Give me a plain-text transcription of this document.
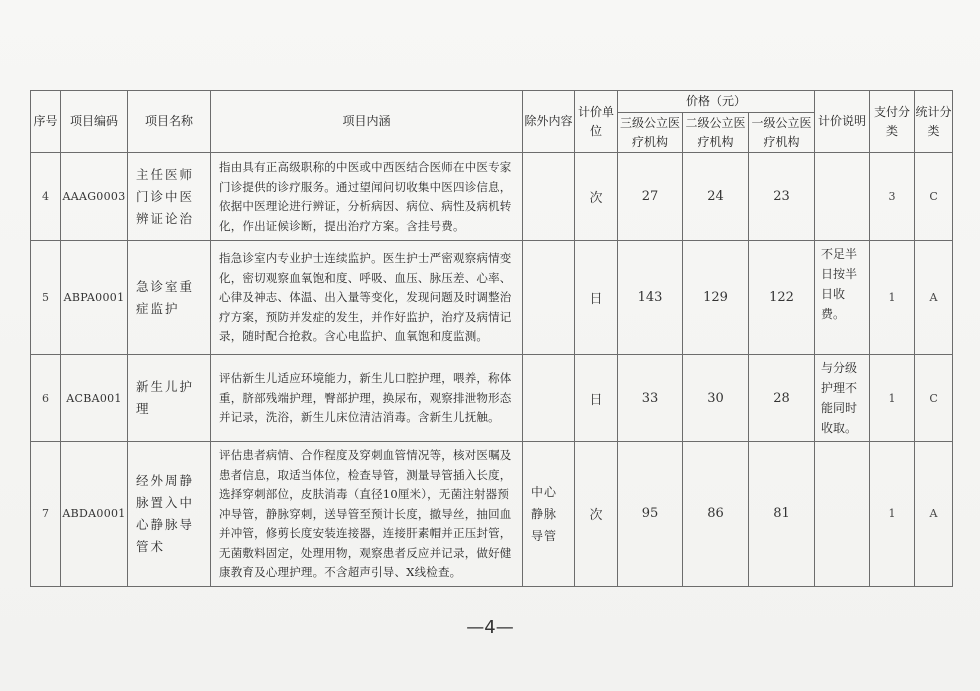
序号	项目编码	项目名称	项目内涵	除外内容	计价单位	价格（元）			计价说明	支付分类	统计分类
						三级公立医疗机构	二级公立医疗机构	一级公立医疗机构			
4	AAAG0003	主任医师门诊中医辨证论治	指由具有正高级职称的中医或中西医结合医师在中医专家门诊提供的诊疗服务。通过望闻问切收集中医四诊信息，依据中医理论进行辨证，分析病因、病位、病性及病机转化，作出证候诊断，提出治疗方案。含挂号费。		次	27	24	23		3	C
5	ABPA0001	急诊室重症监护	指急诊室内专业护士连续监护。医生护士严密观察病情变化，密切观察血氧饱和度、呼吸、血压、脉压差、心率、心律及神志、体温、出入量等变化，发现问题及时调整治疗方案，预防并发症的发生，并作好监护，治疗及病情记录，随时配合抢救。含心电监护、血氧饱和度监测。		日	143	129	122	不足半日按半日收费。	1	A
6	ACBA001	新生儿护理	评估新生儿适应环境能力，新生儿口腔护理，喂养，称体重，脐部残端护理，臀部护理，换尿布，观察排泄物形态并记录，洗浴，新生儿床位清洁消毒。含新生儿抚触。		日	33	30	28	与分级护理不能同时收取。	1	C
7	ABDA0001	经外周静脉置入中心静脉导管术	评估患者病情、合作程度及穿刺血管情况等，核对医嘱及患者信息，取适当体位，检查导管，测量导管插入长度，选择穿刺部位，皮肤消毒（直径10厘米），无菌注射器预冲导管，静脉穿刺，送导管至预计长度，撤导丝，抽回血并冲管，修剪长度安装连接器，连接肝素帽并正压封管，无菌敷料固定，处理用物，观察患者反应并记录，做好健康教育及心理护理。不含超声引导、X线检查。	中心静脉导管	次	95	86	81		1	A
—4—
